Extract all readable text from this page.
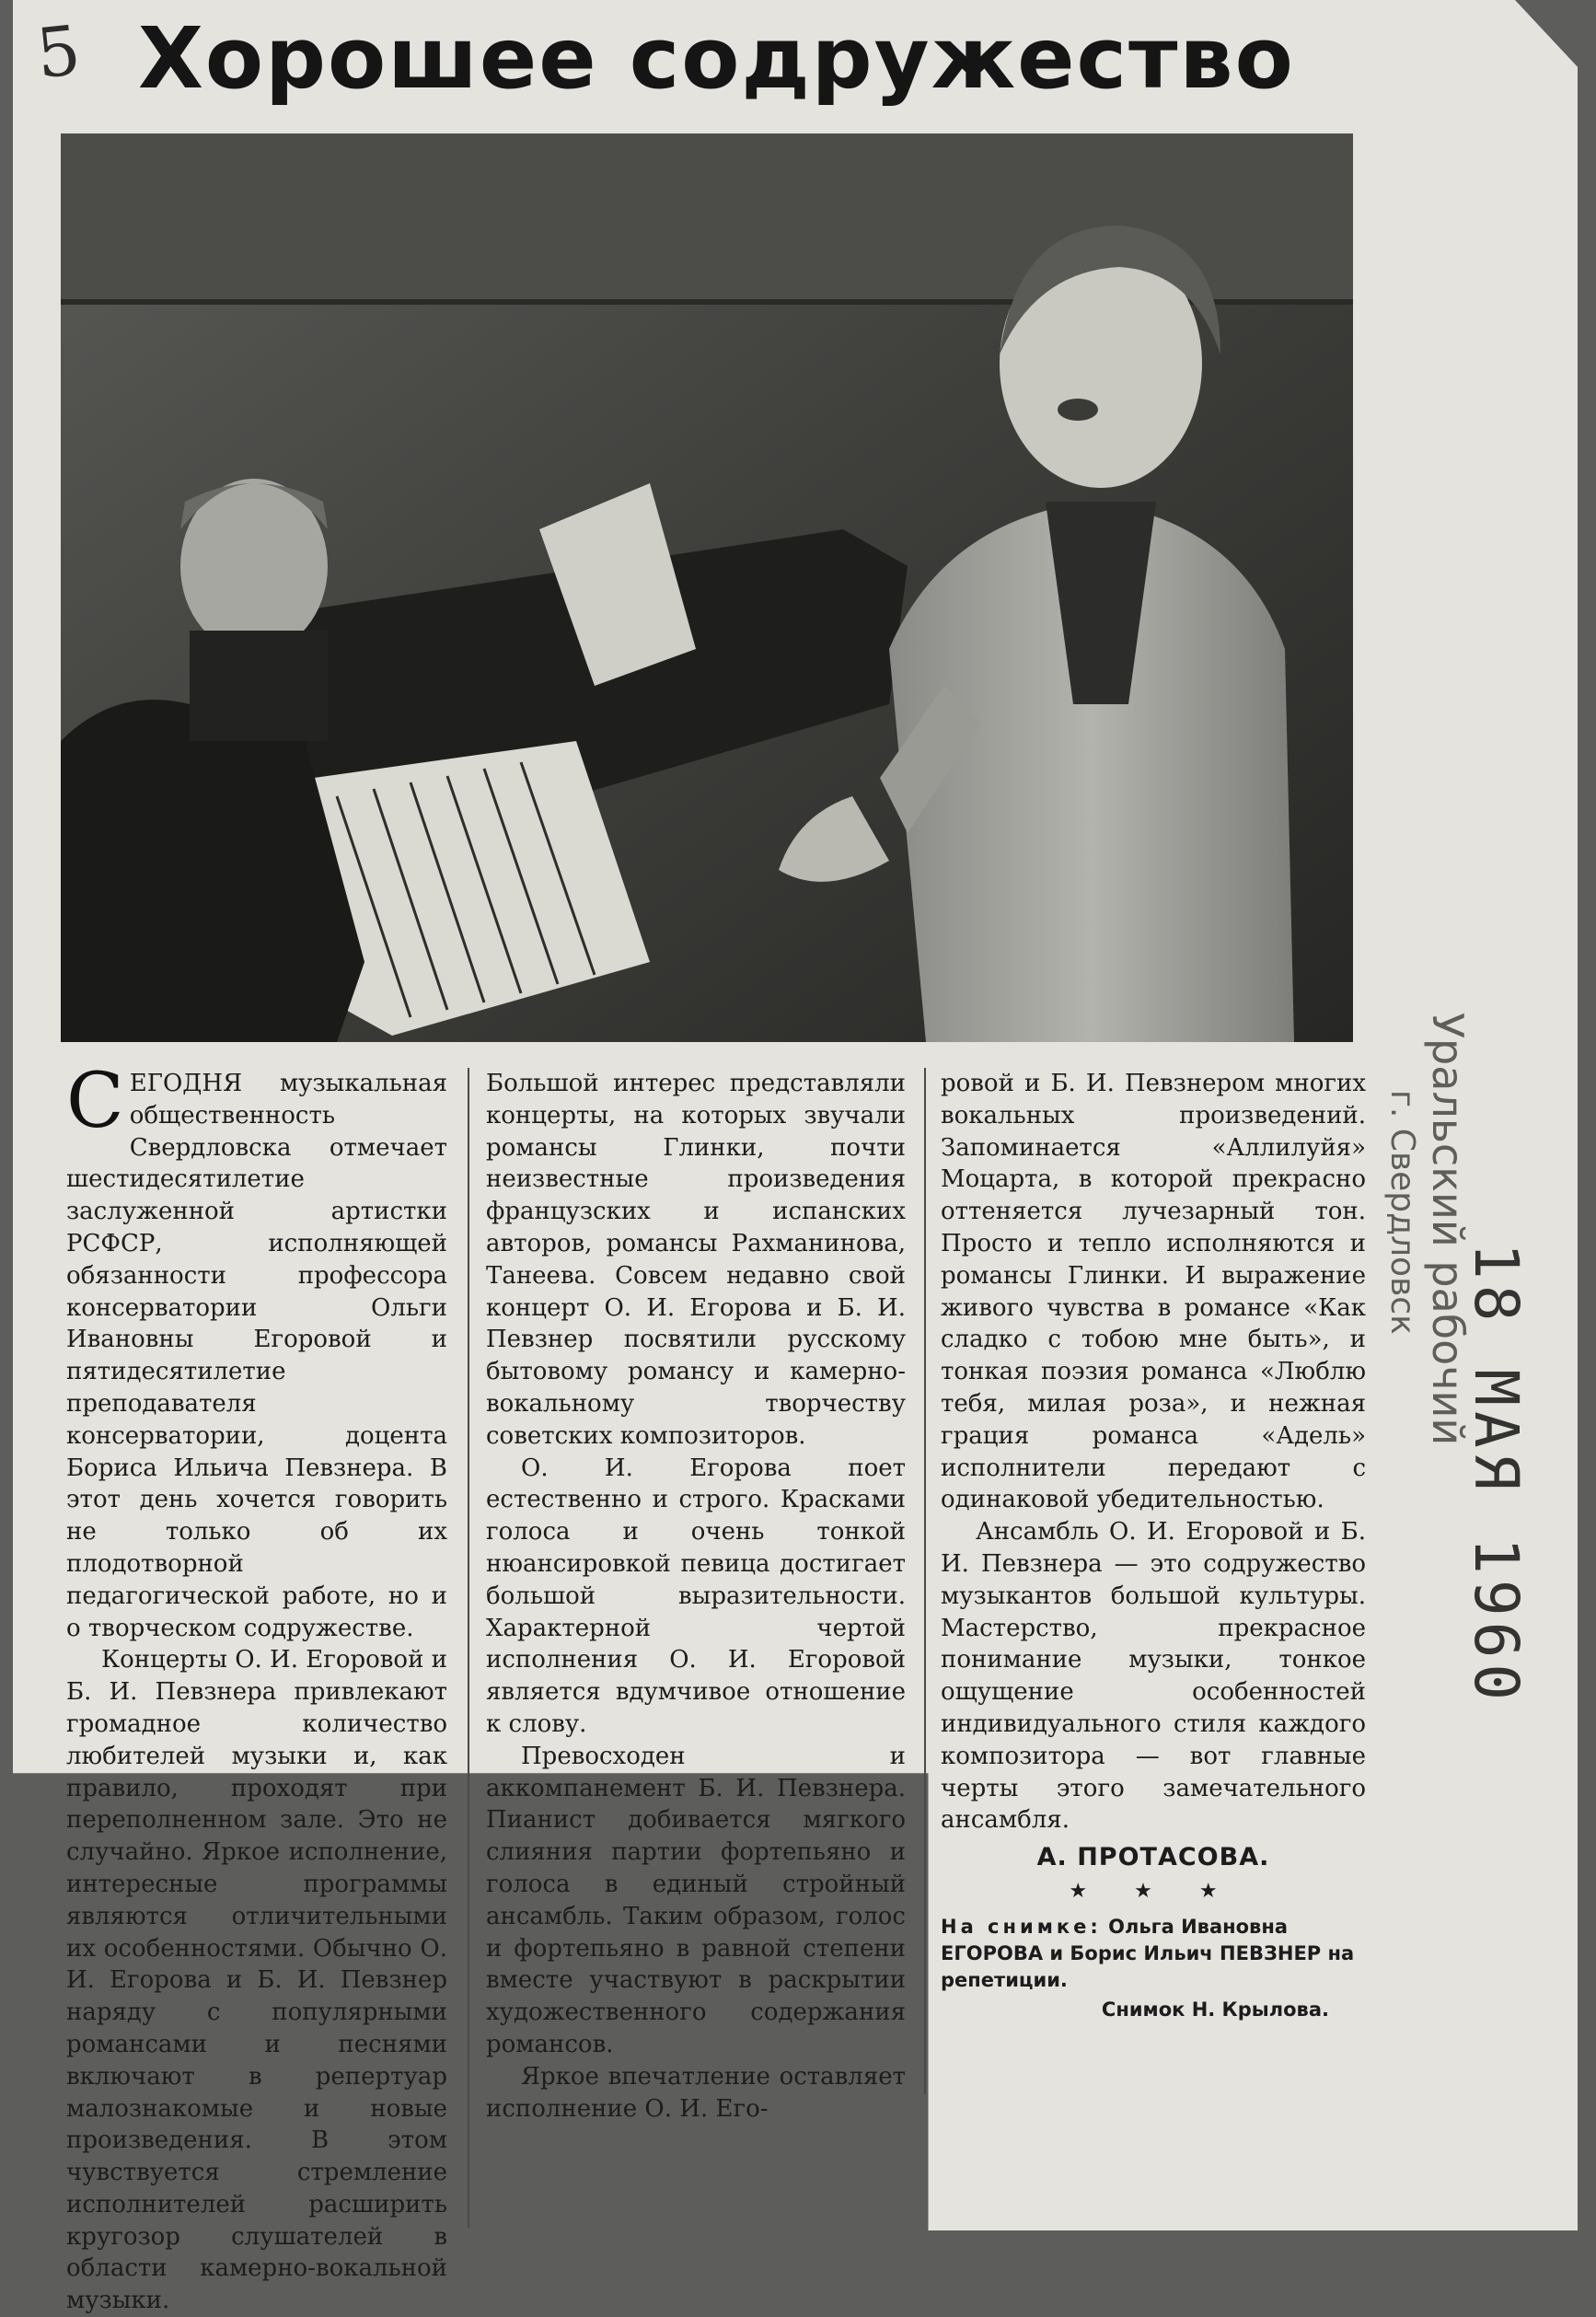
5 Хорошее содружество
Уральский рабочий
г. Свердловск
18 МАЯ 1960

СЕГОДНЯ музыкальная общественность Свердловска отмечает шестидесятилетие заслуженной артистки РСФСР, исполняющей обязанности профессора консерватории Ольги Ивановны Егоровой и пятидесятилетие преподавателя консерватории, доцента Бориса Ильича Певзнера. В этот день хочется говорить не только об их плодотворной педагогической работе, но и о творческом содружестве.

Концерты О. И. Егоровой и Б. И. Певзнера привлекают громадное количество любителей музыки и, как правило, проходят при переполненном зале. Это не случайно. Яркое исполнение, интересные программы являются отличительными их особенностями. Обычно О. И. Егорова и Б. И. Певзнер наряду с популярными романсами и песнями включают в репертуар малознакомые и новые произведения. В этом чувствуется стремление исполнителей расширить кругозор слушателей в области камерно-вокальной музыки.

Большой интерес представляли концерты, на которых звучали романсы Глинки, почти неизвестные произведения французских и испанских авторов, романсы Рахманинова, Танеева. Совсем недавно свой концерт О. И. Егорова и Б. И. Певзнер посвятили русскому бытовому романсу и камерно-вокальному творчеству советских композиторов.

О. И. Егорова поет естественно и строго. Красками голоса и очень тонкой нюансировкой певица достигает большой выразительности. Характерной чертой исполнения О. И. Егоровой является вдумчивое отношение к слову.

Превосходен и аккомпанемент Б. И. Певзнера. Пианист добивается мягкого слияния партии фортепьяно и голоса в единый стройный ансамбль. Таким образом, голос и фортепьяно в равной степени вместе участвуют в раскрытии художественного содержания романсов.

Яркое впечатление оставляет исполнение О. И. Его-

ровой и Б. И. Певзнером многих вокальных произведений. Запоминается «Аллилуйя» Моцарта, в которой прекрасно оттеняется лучезарный тон. Просто и тепло исполняются и романсы Глинки. И выражение живого чувства в романсе «Как сладко с тобою мне быть», и тонкая поэзия романса «Люблю тебя, милая роза», и нежная грация романса «Адель» исполнители передают с одинаковой убедительностью.

Ансамбль О. И. Егоровой и Б. И. Певзнера — это содружество музыкантов большой культуры. Мастерство, прекрасное понимание музыки, тонкое ощущение особенностей индивидуального стиля каждого композитора — вот главные черты этого замечательного ансамбля.

А. ПРОТАСОВА.
★ ★ ★
На снимке: Ольга Ивановна ЕГОРОВА и Борис Ильич ПЕВЗНЕР на репетиции.
Снимок Н. Крылова.
